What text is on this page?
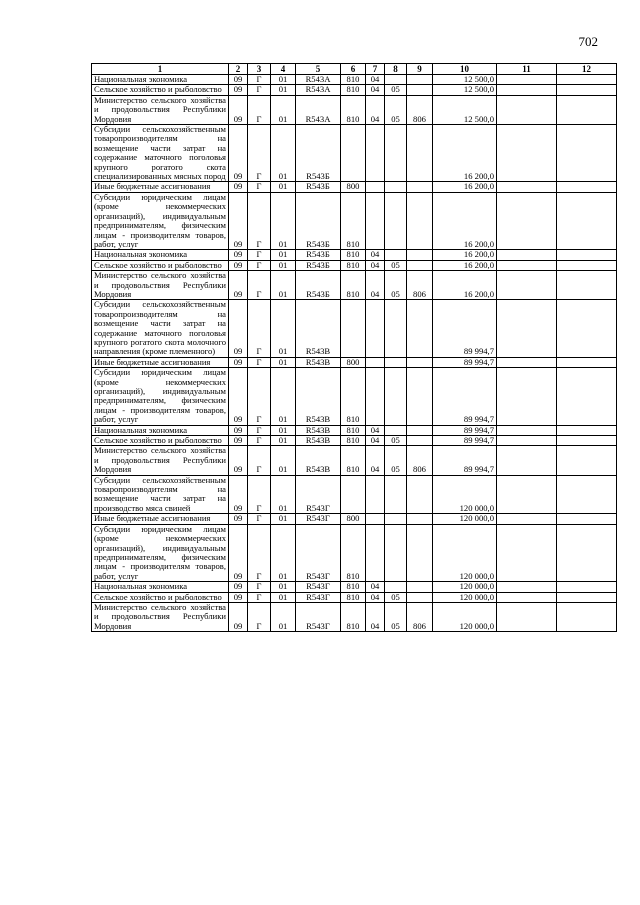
702
1	2	3	4	5	6	7	8	9	10	11	12
Национальная экономика	09	Г	01	R543А	810	04			12 500,0		
Сельское хозяйство и рыболовство	09	Г	01	R543А	810	04	05		12 500,0		
Министерство сельского хозяйства и продовольствия Республики Мордовия	09	Г	01	R543А	810	04	05	806	12 500,0		
Субсидии сельскохозяйственным товаропроизводителям на возмещение части затрат на содержание маточного поголовья крупного рогатого скота специализированных мясных пород	09	Г	01	R543Б					16 200,0		
Иные бюджетные ассигнования	09	Г	01	R543Б	800				16 200,0		
Субсидии юридическим лицам (кроме некоммерческих организаций), индивидуальным предпринимателям, физическим лицам - производителям товаров, работ, услуг	09	Г	01	R543Б	810				16 200,0		
Национальная экономика	09	Г	01	R543Б	810	04			16 200,0		
Сельское хозяйство и рыболовство	09	Г	01	R543Б	810	04	05		16 200,0		
Министерство сельского хозяйства и продовольствия Республики Мордовия	09	Г	01	R543Б	810	04	05	806	16 200,0		
Субсидии сельскохозяйственным товаропроизводителям на возмещение части затрат на содержание маточного поголовья крупного рогатого скота молочного направления (кроме племенного)	09	Г	01	R543В					89 994,7		
Иные бюджетные ассигнования	09	Г	01	R543В	800				89 994,7		
Субсидии юридическим лицам (кроме некоммерческих организаций), индивидуальным предпринимателям, физическим лицам - производителям товаров, работ, услуг	09	Г	01	R543В	810				89 994,7		
Национальная экономика	09	Г	01	R543В	810	04			89 994,7		
Сельское хозяйство и рыболовство	09	Г	01	R543В	810	04	05		89 994,7		
Министерство сельского хозяйства и продовольствия Республики Мордовия	09	Г	01	R543В	810	04	05	806	89 994,7		
Субсидии сельскохозяйственным товаропроизводителям на возмещение части затрат на производство мяса свиней	09	Г	01	R543Г					120 000,0		
Иные бюджетные ассигнования	09	Г	01	R543Г	800				120 000,0		
Субсидии юридическим лицам (кроме некоммерческих организаций), индивидуальным предпринимателям, физическим лицам - производителям товаров, работ, услуг	09	Г	01	R543Г	810				120 000,0		
Национальная экономика	09	Г	01	R543Г	810	04			120 000,0		
Сельское хозяйство и рыболовство	09	Г	01	R543Г	810	04	05		120 000,0		
Министерство сельского хозяйства и продовольствия Республики Мордовия	09	Г	01	R543Г	810	04	05	806	120 000,0		
